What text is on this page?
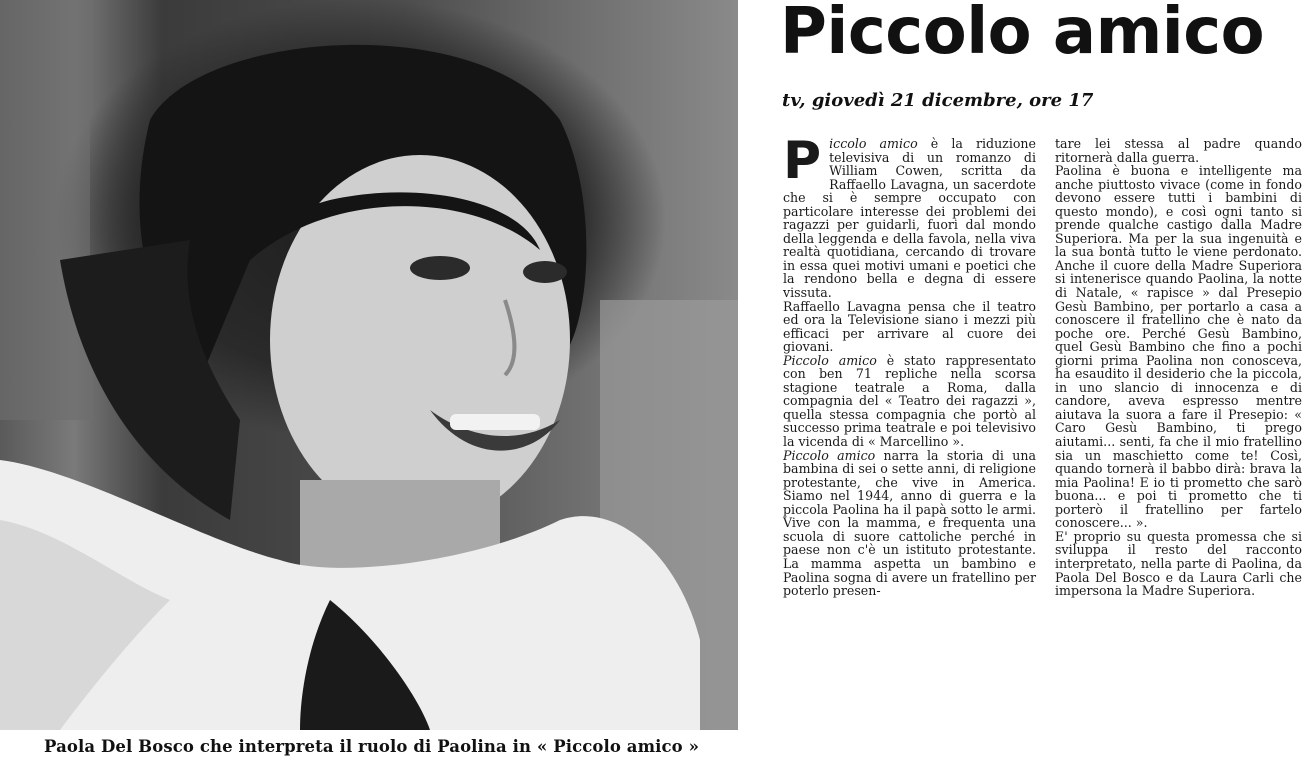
Paola Del Bosco che interpreta il ruolo di Paolina in « Piccolo amico »
Piccolo amico
tv, giovedì 21 dicembre, ore 17

Piccolo amico è la riduzione televisiva di un romanzo di William Cowen, scritta da Raffaello Lavagna, un sacerdote che si è sempre occupato con particolare interesse dei problemi dei ragazzi per guidarli, fuori dal mondo della leggenda e della favola, nella viva realtà quotidiana, cercando di trovare in essa quei motivi umani e poetici che la rendono bella e degna di essere vissuta.

Raffaello Lavagna pensa che il teatro ed ora la Televisione siano i mezzi più efficaci per arrivare al cuore dei giovani.

Piccolo amico è stato rappresentato con ben 71 repliche nella scorsa stagione teatrale a Roma, dalla compagnia del « Teatro dei ragazzi », quella stessa compagnia che portò al successo prima teatrale e poi televisivo la vicenda di « Marcellino ».

Piccolo amico narra la storia di una bambina di sei o sette anni, di religione protestante, che vive in America. Siamo nel 1944, anno di guerra e la piccola Paolina ha il papà sotto le armi. Vive con la mamma, e frequenta una scuola di suore cattoliche perché in paese non c'è un istituto protestante. La mamma aspetta un bambino e Paolina sogna di avere un fratellino per poterlo presen-

tare lei stessa al padre quando ritornerà dalla guerra.

Paolina è buona e intelligente ma anche piuttosto vivace (come in fondo devono essere tutti i bambini di questo mondo), e così ogni tanto si prende qualche castigo dalla Madre Superiora. Ma per la sua ingenuità e la sua bontà tutto le viene perdonato. Anche il cuore della Madre Superiora si intenerisce quando Paolina, la notte di Natale, « rapisce » dal Presepio Gesù Bambino, per portarlo a casa a conoscere il fratellino che è nato da poche ore. Perché Gesù Bambino, quel Gesù Bambino che fino a pochi giorni prima Paolina non conosceva, ha esaudito il desiderio che la piccola, in uno slancio di innocenza e di candore, aveva espresso mentre aiutava la suora a fare il Presepio: « Caro Gesù Bambino, ti prego aiutami... senti, fa che il mio fratellino sia un maschietto come te! Così, quando tornerà il babbo dirà: brava la mia Paolina! E io ti prometto che sarò buona... e poi ti prometto che ti porterò il fratellino per fartelo conoscere... ».

E' proprio su questa promessa che si sviluppa il resto del racconto interpretato, nella parte di Paolina, da Paola Del Bosco e da Laura Carli che impersona la Madre Superiora.
